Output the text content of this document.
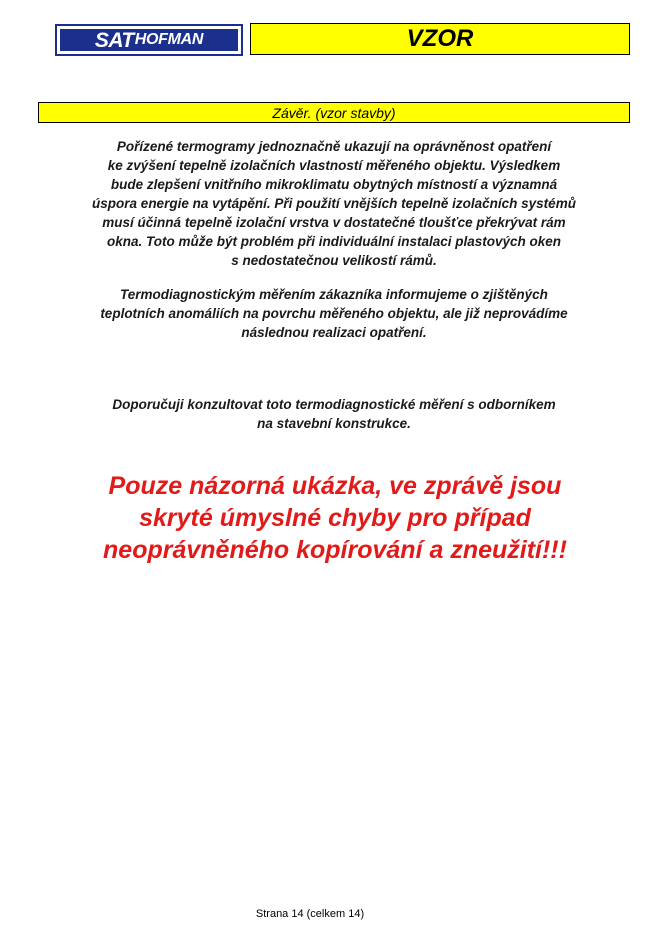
SAT HOFMAN	VZOR
Závěr. (vzor stavby)

Pořízené termogramy jednoznačně ukazují na oprávněnost opatření
ke zvýšení tepelně izolačních vlastností měřeného objektu. Výsledkem
bude zlepšení vnitřního mikroklimatu obytných místností a významná
úspora energie na vytápění. Při použití vnějších tepelně izolačních systémů
musí účinná tepelně izolační vrstva v dostatečné tloušťce překrývat rám
okna. Toto může být problém při individuální instalaci plastových oken
s nedostatečnou velikostí rámů.

Termodiagnostickým měřením zákazníka informujeme o zjištěných
teplotních anomáliích na povrchu měřeného objektu, ale již neprovádíme
následnou realizaci opatření.

Doporučuji konzultovat toto termodiagnostické měření s odborníkem
na stavební konstrukce.

Pouze názorná ukázka, ve zprávě jsou
skryté úmyslné chyby pro případ
neoprávněného kopírování a zneužití!!!

Strana 14 (celkem 14)
